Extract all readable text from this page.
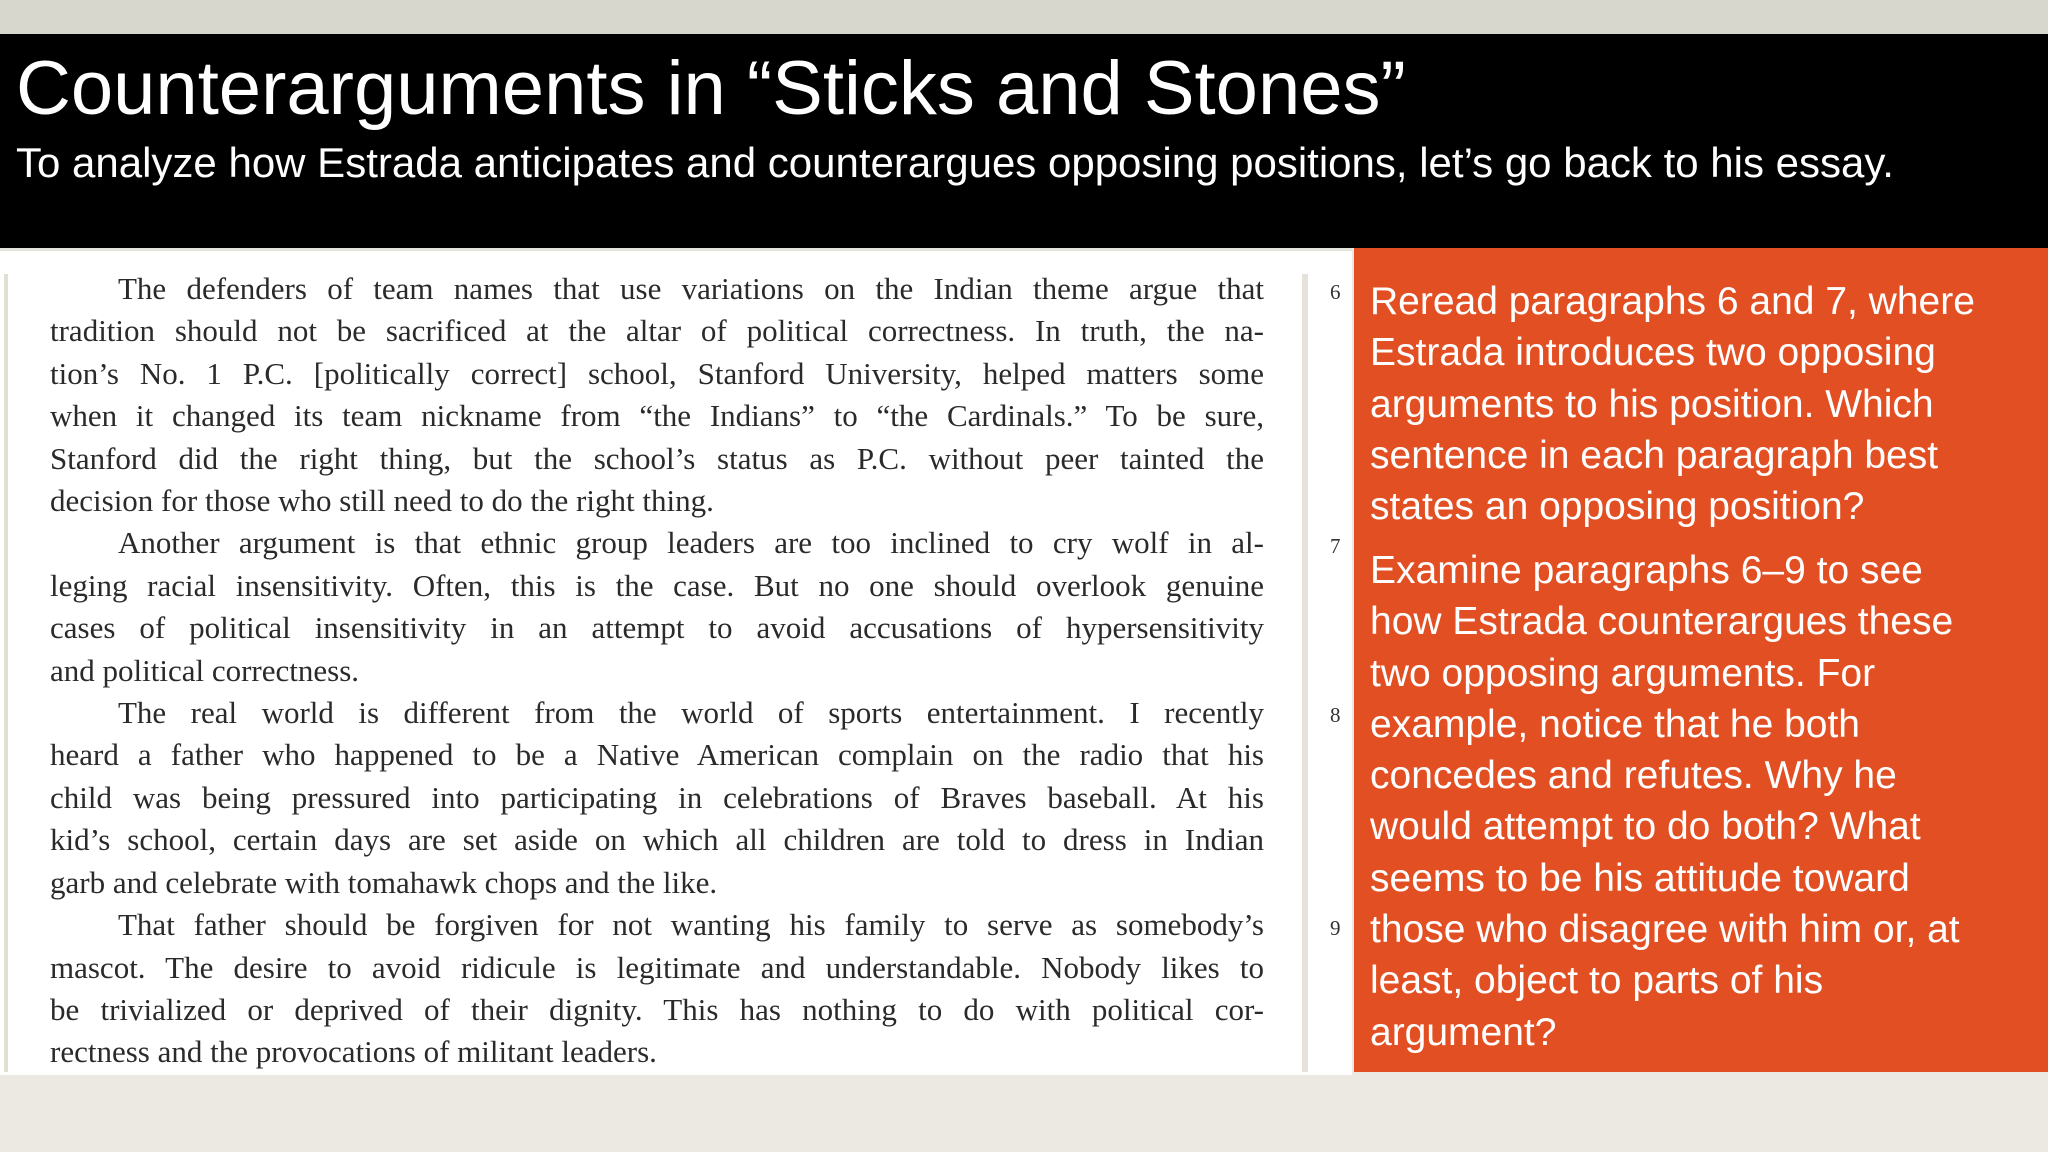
Counterarguments in “Sticks and Stones”
To analyze how Estrada anticipates and counterargues opposing positions, let’s go back to his essay.

The defenders of team names that use variations on the Indian theme argue that
tradition should not be sacrificed at the altar of political correctness. In truth, the na-
tion’s No. 1 P.C. [politically correct] school, Stanford University, helped matters some
when it changed its team nickname from “the Indians” to “the Cardinals.” To be sure,
Stanford did the right thing, but the school’s status as P.C. without peer tainted the
decision for those who still need to do the right thing.

Another argument is that ethnic group leaders are too inclined to cry wolf in al-
leging racial insensitivity. Often, this is the case. But no one should overlook genuine
cases of political insensitivity in an attempt to avoid accusations of hypersensitivity
and political correctness.

The real world is different from the world of sports entertainment. I recently
heard a father who happened to be a Native American complain on the radio that his
child was being pressured into participating in celebrations of Braves baseball. At his
kid’s school, certain days are set aside on which all children are told to dress in Indian
garb and celebrate with tomahawk chops and the like.

That father should be forgiven for not wanting his family to serve as somebody’s
mascot. The desire to avoid ridicule is legitimate and understandable. Nobody likes to
be trivialized or deprived of their dignity. This has nothing to do with political cor-
rectness and the provocations of militant leaders.

6
7
8
9
Reread paragraphs 6 and 7, where
Estrada introduces two opposing
arguments to his position. Which
sentence in each paragraph best
states an opposing position?
Examine paragraphs 6–9 to see
how Estrada counterargues these
two opposing arguments. For
example, notice that he both
concedes and refutes. Why he
would attempt to do both? What
seems to be his attitude toward
those who disagree with him or, at
least, object to parts of his
argument?
